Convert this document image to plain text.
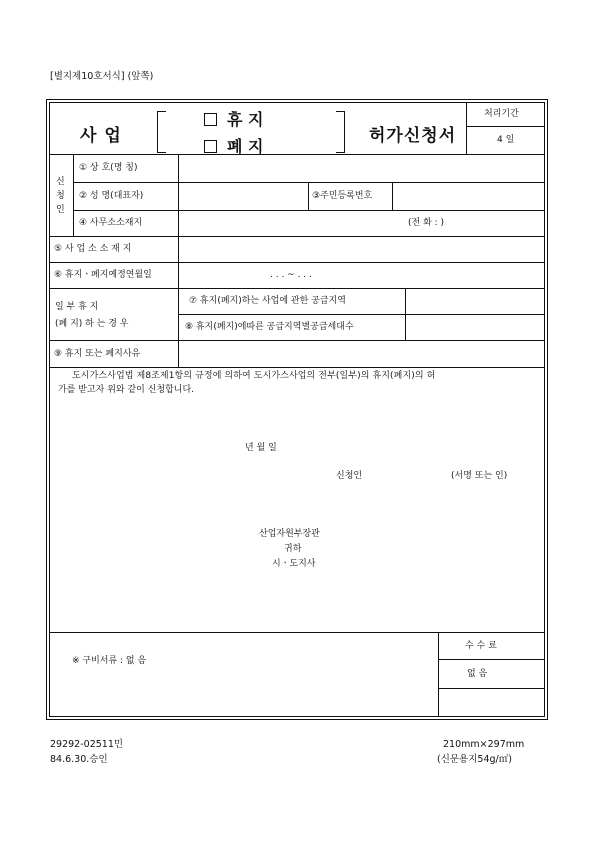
[별지제10호서식] (앞쪽)
사 업
휴 지
폐 지
허가신청서
처리기간
4 일
신
청
인
① 상 호(명 칭)
② 성 명(대표자)	③주민등록번호
④ 사무소소재지	(전 화 : )
⑤ 사 업 소 소 재 지
⑥ 휴지ㆍ폐지예정연월일	. . . ~ . . .
일 부 휴 지
(폐 지) 하 는 경 우
⑦ 휴지(폐지)하는 사업에 관한 공급지역
⑧ 휴지(폐지)에따른 공급지역별공급세대수
⑨ 휴지 또는 폐지사유
도시가스사업법 제8조제1항의 규정에 의하여 도시가스사업의 전부(일부)의 휴지(폐지)의 허
가를 받고자 위와 같이 신청합니다.
년 월 일
신청인	(서명 또는 인)
산업자원부장관
귀하
시ㆍ도지사
※ 구비서류 : 없 음
수 수 료
없 음
29292-02511민
84.6.30.승인
210mm×297mm
(신문용지54g/㎡)
